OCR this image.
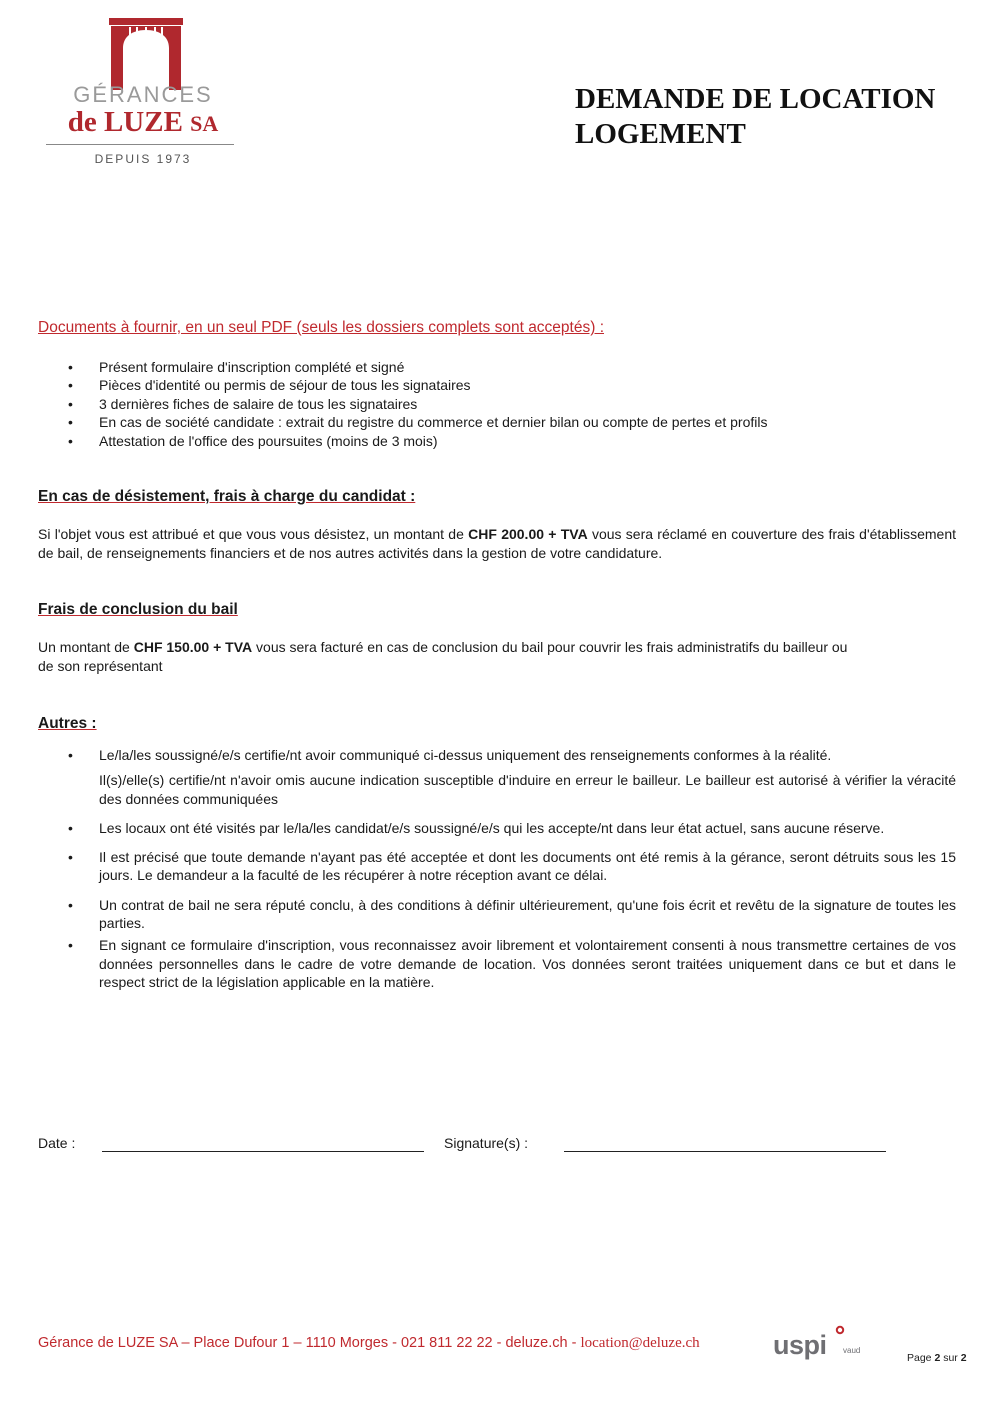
GÉRANCES
de LUZE SA
DEPUIS 1973
DEMANDE DE LOCATION
LOGEMENT
Documents à fournir, en un seul PDF (seuls les dossiers complets sont acceptés) :
• Présent formulaire d'inscription complété et signé
• Pièces d'identité ou permis de séjour de tous les signataires
• 3 dernières fiches de salaire de tous les signataires
• En cas de société candidate : extrait du registre du commerce et dernier bilan ou compte de pertes et profils
• Attestation de l'office des poursuites (moins de 3 mois)
En cas de désistement, frais à charge du candidat :
Si l'objet vous est attribué et que vous vous désistez, un montant de CHF 200.00 + TVA vous sera réclamé en couverture des frais d'établissement de bail, de renseignements financiers et de nos autres activités dans la gestion de votre candidature.
Frais de conclusion du bail
Un montant de CHF 150.00 + TVA vous sera facturé en cas de conclusion du bail pour couvrir les frais administratifs du bailleur ou
de son représentant
Autres :
• Le/la/les soussigné/e/s certifie/nt avoir communiqué ci-dessus uniquement des renseignements conformes à la réalité.
Il(s)/elle(s) certifie/nt n'avoir omis aucune indication susceptible d'induire en erreur le bailleur. Le bailleur est autorisé à vérifier la véracité des données communiquées
• Les locaux ont été visités par le/la/les candidat/e/s soussigné/e/s qui les accepte/nt dans leur état actuel, sans aucune réserve.
• Il est précisé que toute demande n'ayant pas été acceptée et dont les documents ont été remis à la gérance, seront détruits sous les 15 jours. Le demandeur a la faculté de les récupérer à notre réception avant ce délai.
• Un contrat de bail ne sera réputé conclu, à des conditions à définir ultérieurement, qu'une fois écrit et revêtu de la signature de toutes les parties.
• En signant ce formulaire d'inscription, vous reconnaissez avoir librement et volontairement consenti à nous transmettre certaines de vos données personnelles dans le cadre de votre demande de location. Vos données seront traitées uniquement dans ce but et dans le respect strict de la législation applicable en la matière.
Date :	Signature(s) :
Gérance de LUZE SA – Place Dufour 1 – 1110 Morges - 021 811 22 22 - deluze.ch - location@deluze.ch	uspi vaud
Page 2 sur 2
